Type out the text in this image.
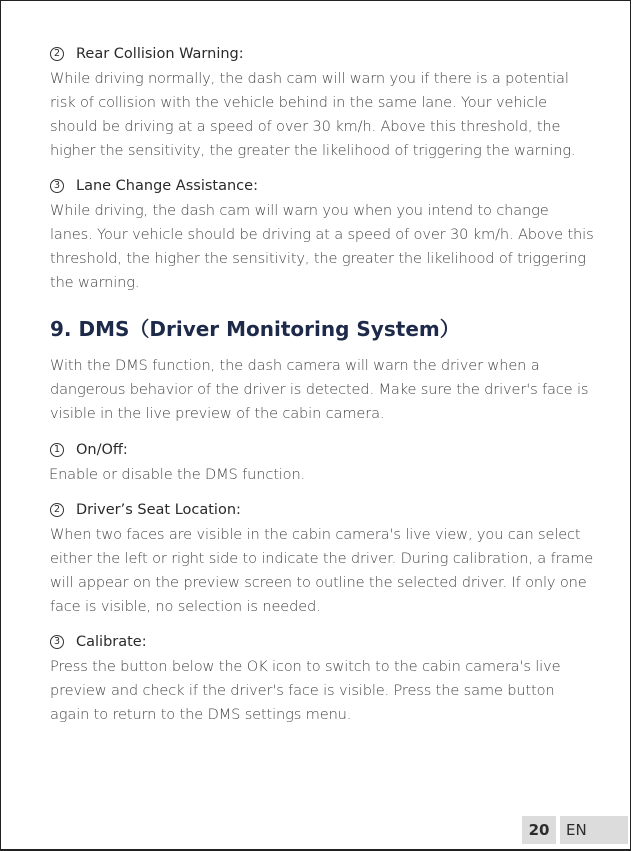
2 Rear Collision Warning:

While driving normally, the dash cam will warn you if there is a potential risk of collision with the vehicle behind in the same lane. Your vehicle should be driving at a speed of over 30 km/h. Above this threshold, the higher the sensitivity, the greater the likelihood of triggering the warning.

3 Lane Change Assistance:

While driving, the dash cam will warn you when you intend to change lanes. Your vehicle should be driving at a speed of over 30 km/h. Above this threshold, the higher the sensitivity, the greater the likelihood of triggering the warning.

9. DMS（Driver Monitoring System）

With the DMS function, the dash camera will warn the driver when a dangerous behavior of the driver is detected. Make sure the driver's face is visible in the live preview of the cabin camera.

1 On/Off:

Enable or disable the DMS function.

2 Driver’s Seat Location:

When two faces are visible in the cabin camera's live view, you can select either the left or right side to indicate the driver. During calibration, a frame will appear on the preview screen to outline the selected driver. If only one face is visible, no selection is needed.

3 Calibrate:

Press the button below the OK icon to switch to the cabin camera's live preview and check if the driver's face is visible. Press the same button again to return to the DMS settings menu.

20	EN
